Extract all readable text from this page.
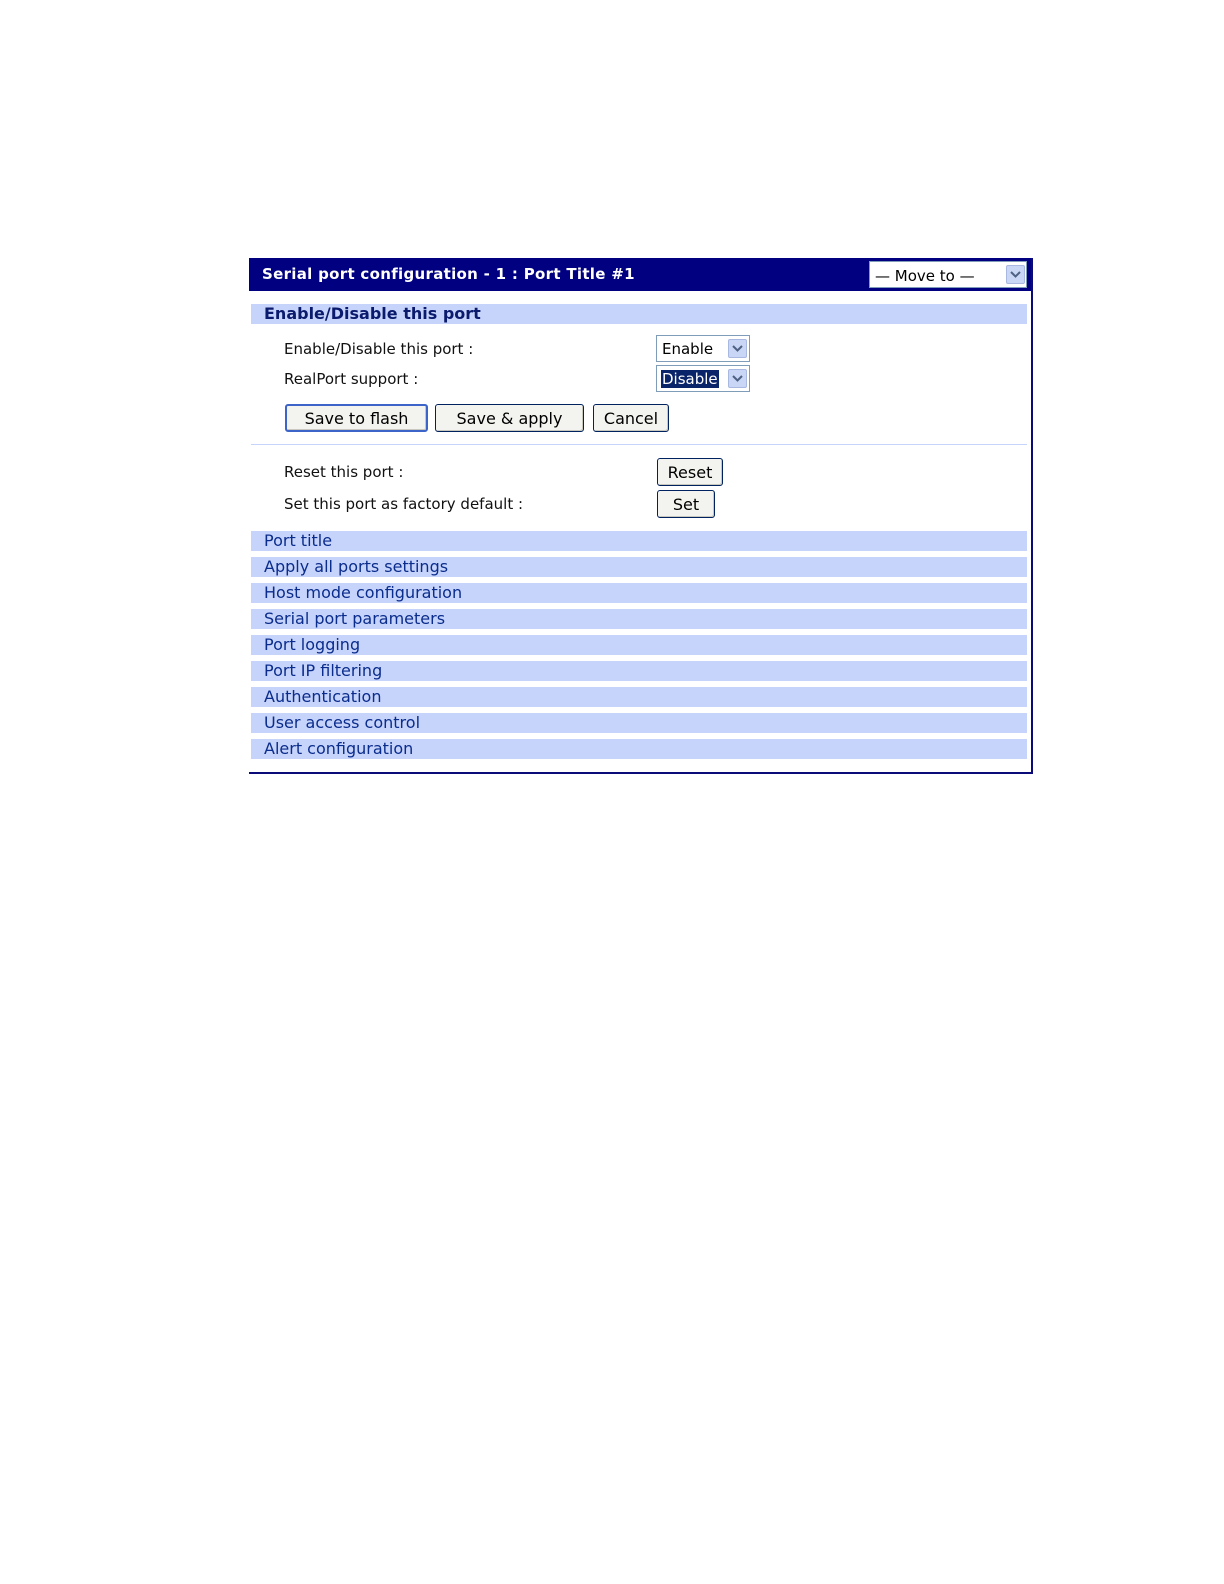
Serial port configuration - 1 : Port Title #1	— Move to —
Enable/Disable this port
Enable/Disable this port :	Enable
RealPort support :	Disable
Save to flash	Save & apply	Cancel
Reset this port :	Reset
Set this port as factory default :	Set
Port title
Apply all ports settings
Host mode configuration
Serial port parameters
Port logging
Port IP filtering
Authentication
User access control
Alert configuration
